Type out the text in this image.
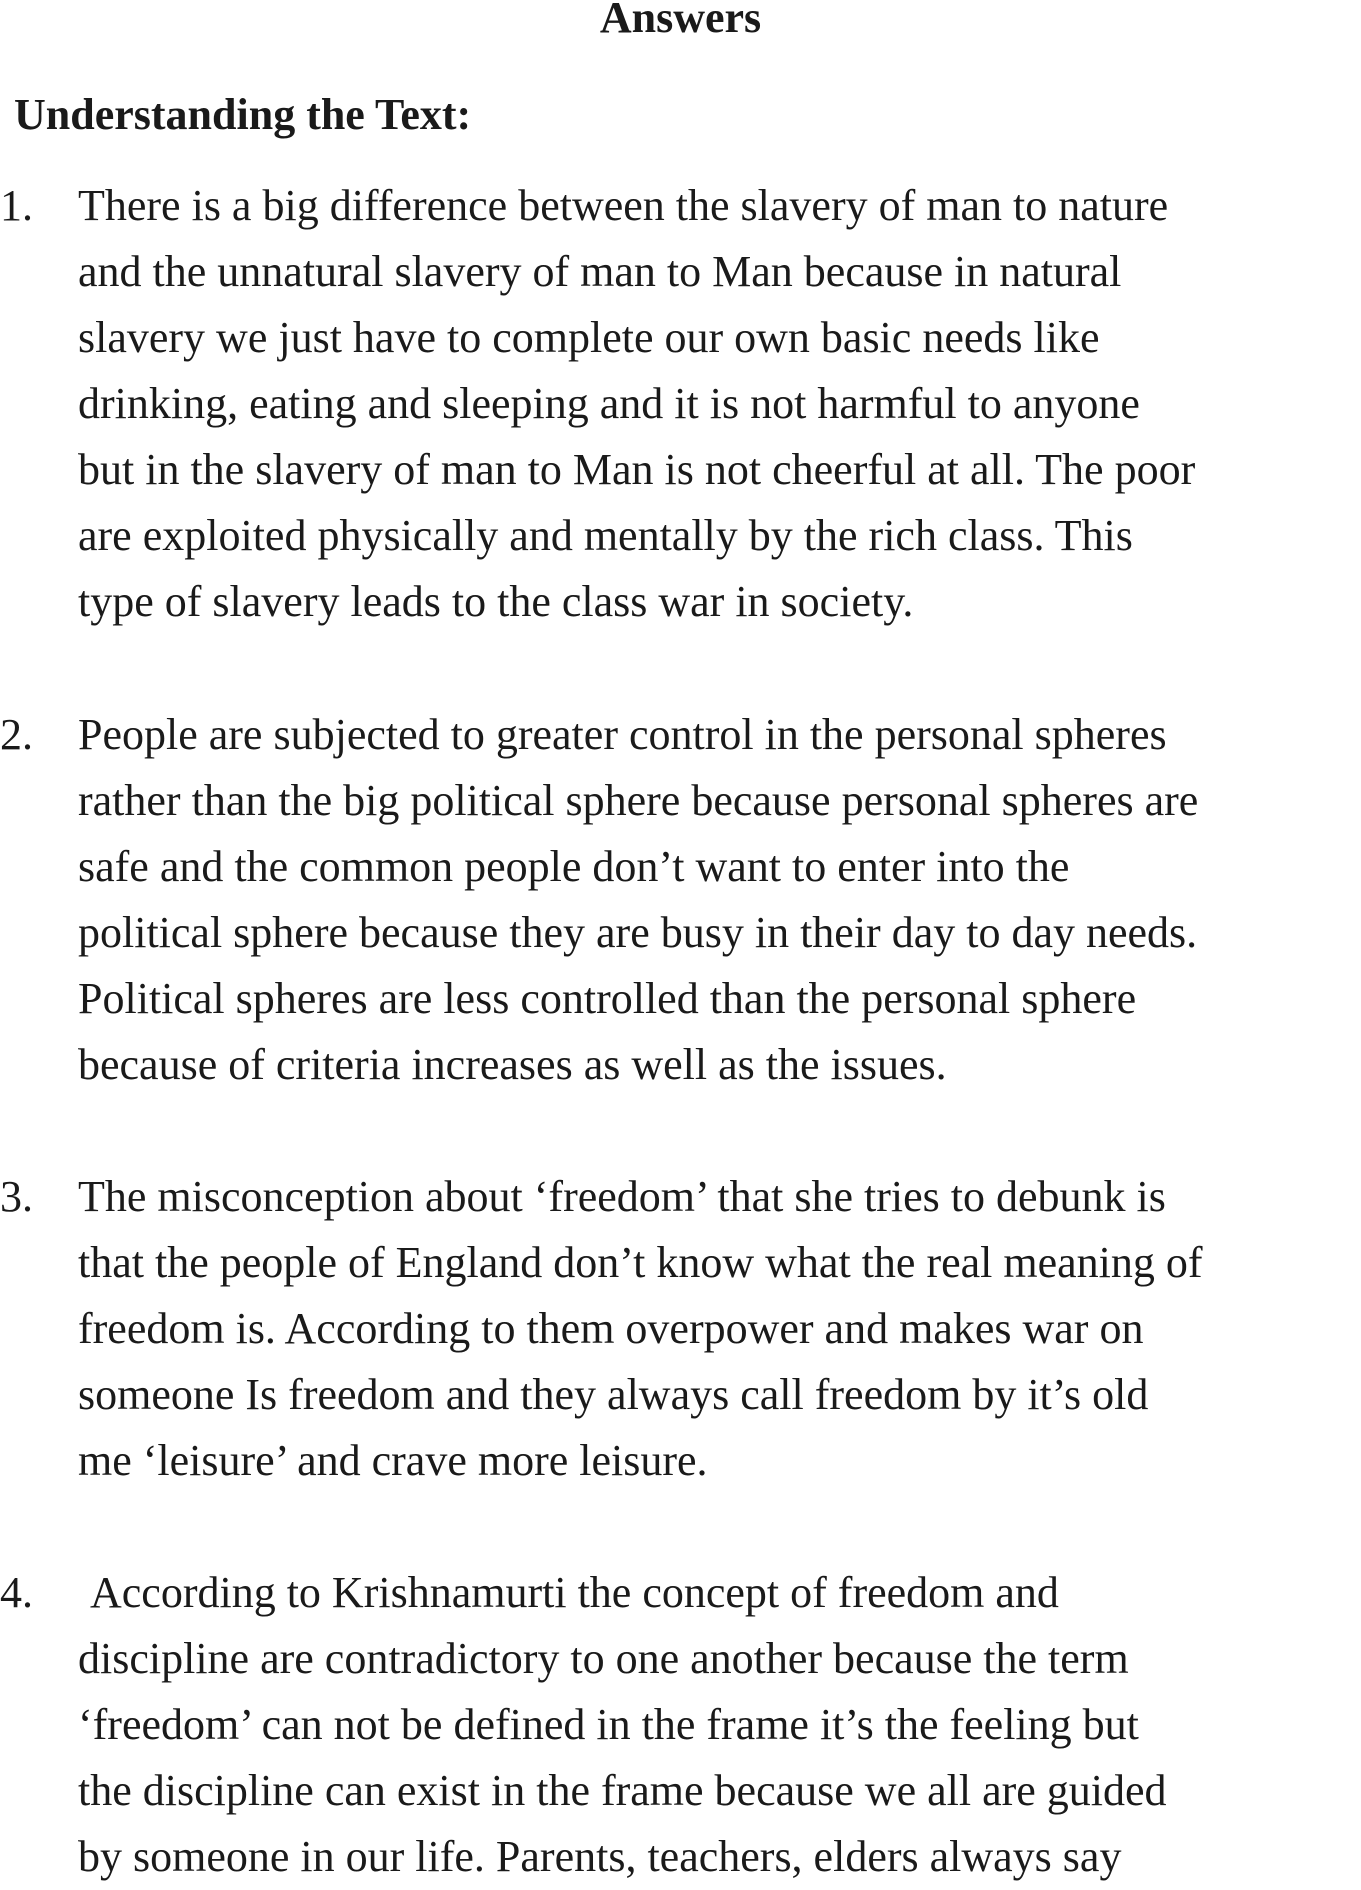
Answers
Understanding the Text:
1. There is a big difference between the slavery of man to nature
and the unnatural slavery of man to Man because in natural
slavery we just have to complete our own basic needs like
drinking, eating and sleeping and it is not harmful to anyone
but in the slavery of man to Man is not cheerful at all. The poor
are exploited physically and mentally by the rich class. This
type of slavery leads to the class war in society.

2. People are subjected to greater control in the personal spheres
rather than the big political sphere because personal spheres are
safe and the common people don’t want to enter into the
political sphere because they are busy in their day to day needs.
Political spheres are less controlled than the personal sphere
because of criteria increases as well as the issues.

3. The misconception about ‘freedom’ that she tries to debunk is
that the people of England don’t know what the real meaning of
freedom is. According to them overpower and makes war on
someone Is freedom and they always call freedom by it’s old
me ‘leisure’ and crave more leisure.

4. According to Krishnamurti the concept of freedom and
discipline are contradictory to one another because the term
‘freedom’ can not be defined in the frame it’s the feeling but
the discipline can exist in the frame because we all are guided
by someone in our life. Parents, teachers, elders always say
